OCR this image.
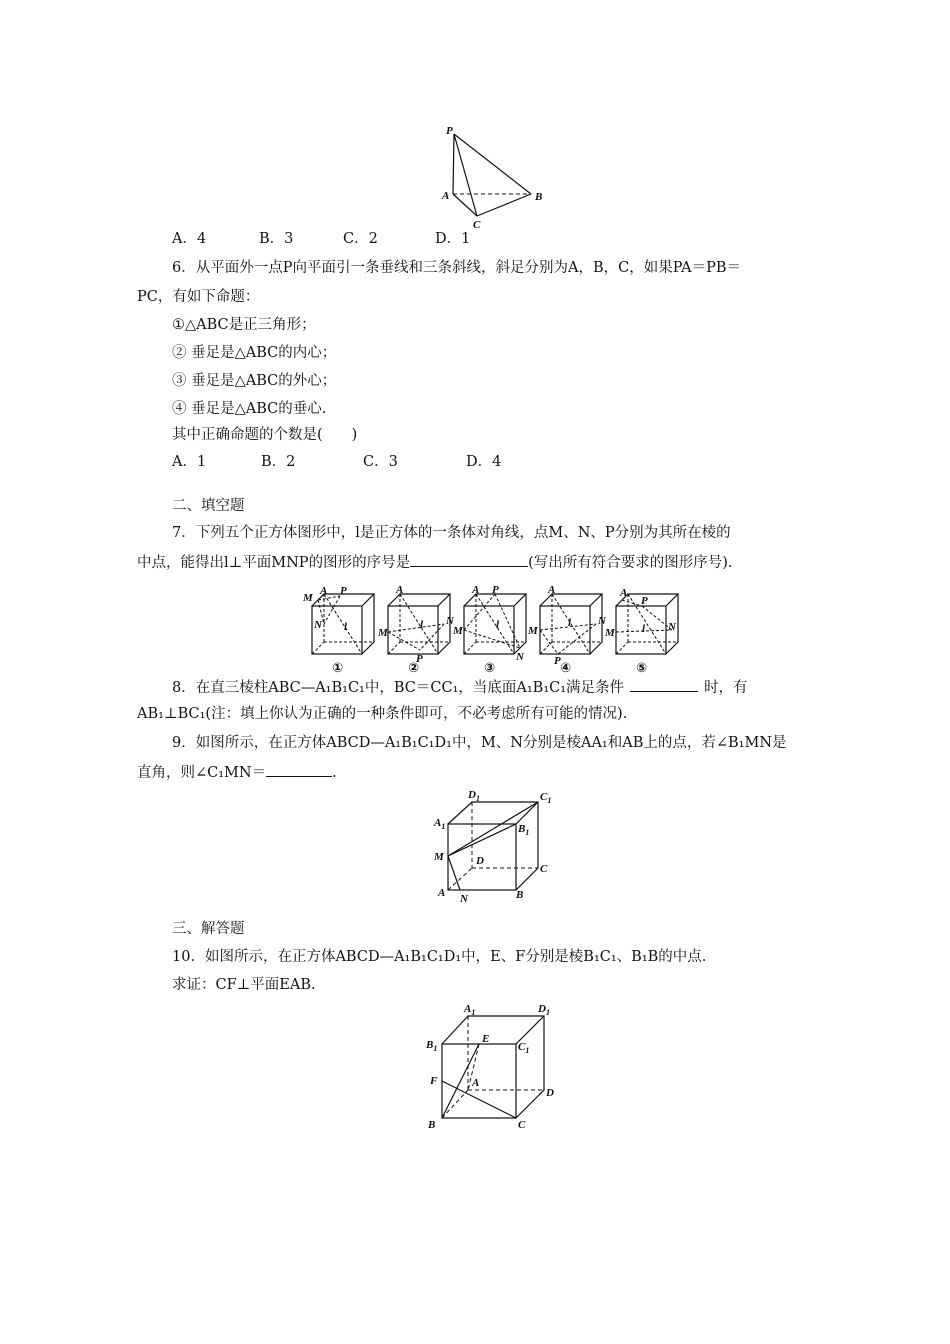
P
A	B
C
A．4	B．3	C．2	D．1
6．从平面外一点P向平面引一条垂线和三条斜线，斜足分别为A，B，C，如果PA＝PB＝
PC，有如下命题：
①△ABC是正三角形；
② 垂足是△ABC的内心；
③ 垂足是△ABC的外心；
④ 垂足是△ABC的垂心.
其中正确命题的个数是(　　)
A．1	B．2	C．3	D．4
二、填空题
7．下列五个正方体图形中，l是正方体的一条体对角线，点M、N、P分别为其所在棱的
中点，能得出l⊥平面MNP的图形的序号是	(写出所有符合要求的图形序号).
M
A P
N l
A
M
N
P
l
A P
M
N
l
A
M
N
P
l
A
P
M	N
l
①	②	③	④	⑤
8．在直三棱柱ABC—A₁B₁C₁中，BC＝CC₁，当底面A₁B₁C₁满足条件	时，有
AB₁⊥BC₁(注：填上你认为正确的一种条件即可，不必考虑所有可能的情况).
9．如图所示，在正方体ABCD—A₁B₁C₁D₁中，M、N分别是棱AA₁和AB上的点，若∠B₁MN是
直角，则∠C₁MN＝	.
$D_1$	$C_1$
$A_1$	$B_1$
M	D
C
A N	B
三、解答题
10．如图所示，在正方体ABCD—A₁B₁C₁D₁中，E、F分别是棱B₁C₁、B₁B的中点.
求证：CF⊥平面EAB.
$A_1$	$D_1$
$B_1$
E
$C_1$
F	A
D
B	C
